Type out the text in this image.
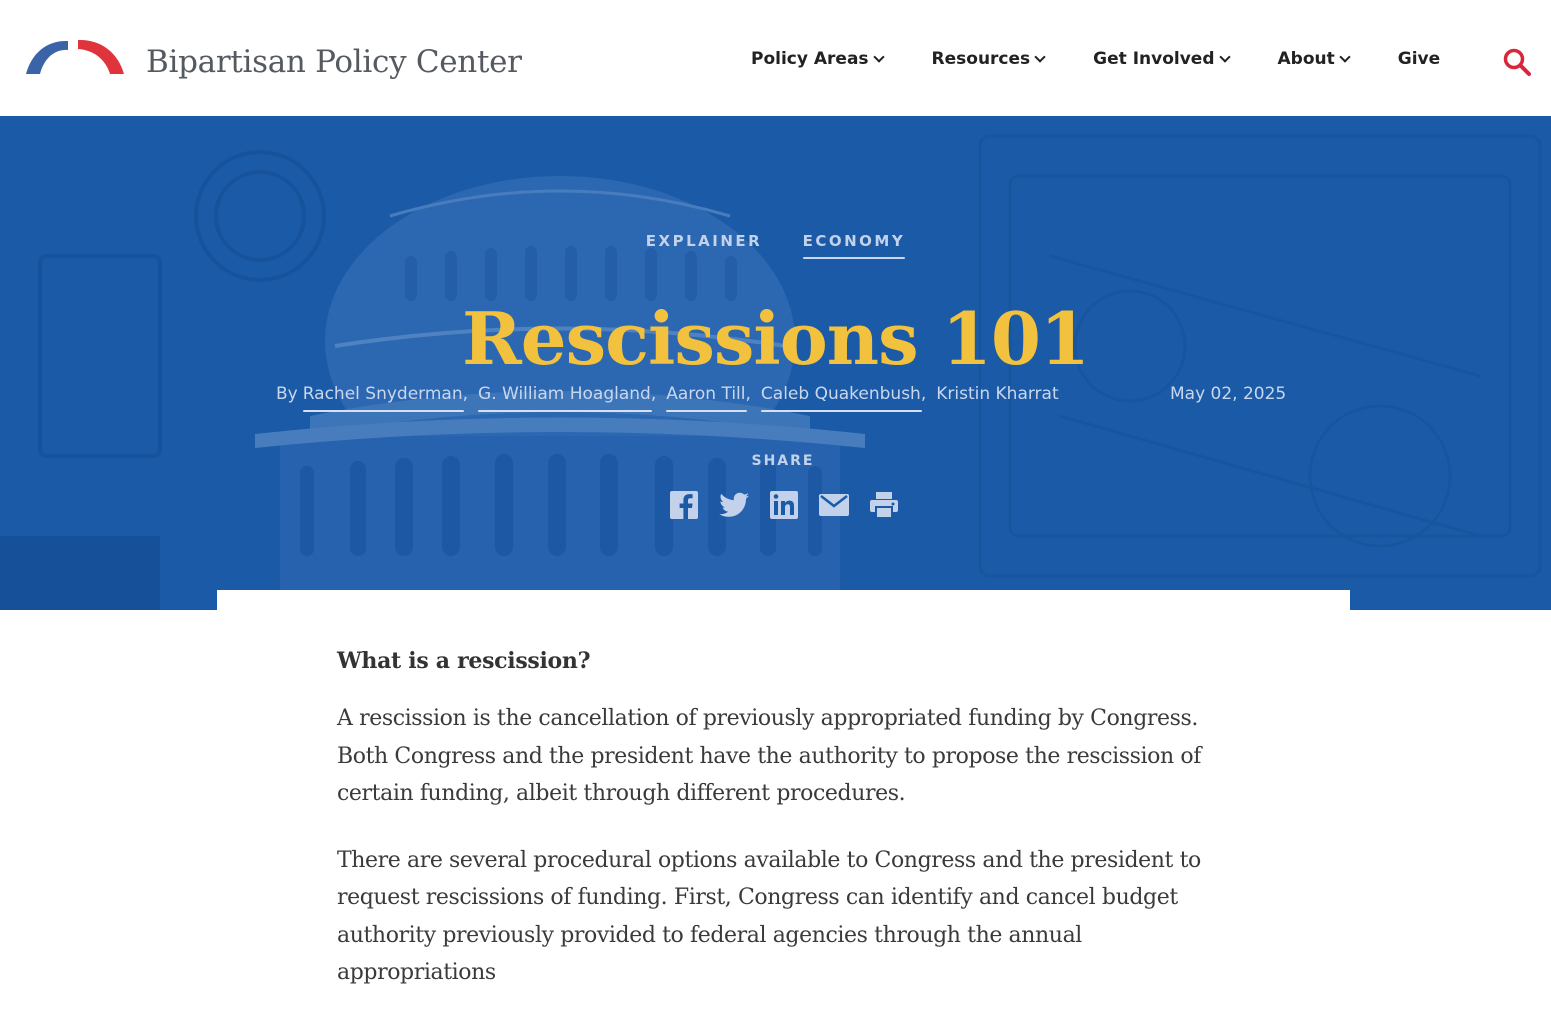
Bipartisan Policy Center	Policy Areas	Resources	Get Involved	About	Give
EXPLAINER	ECONOMY
Rescissions 101
By Rachel Snyderman, G. William Hoagland, Aaron Till, Caleb Quakenbush, Kristin Kharrat	May 02, 2025
SHARE
What is a rescission?

A rescission is the cancellation of previously appropriated funding by Congress. Both Congress and the president have the authority to propose the rescission of certain funding, albeit through different procedures.

There are several procedural options available to Congress and the president to request rescissions of funding. First, Congress can identify and cancel budget authority previously provided to federal agencies through the annual appropriations
